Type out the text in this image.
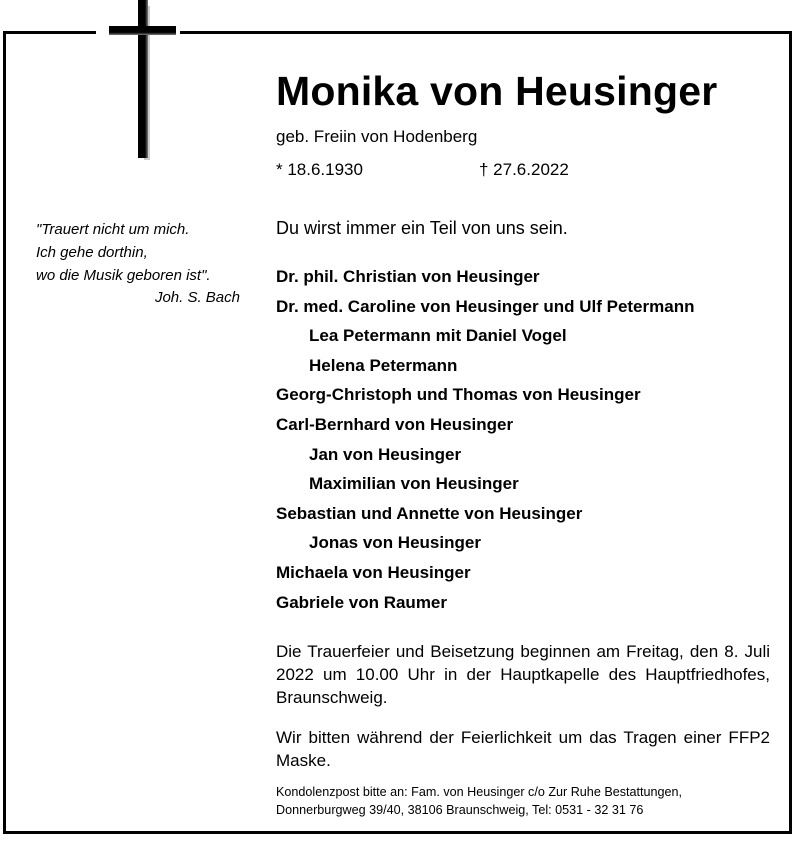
Monika von Heusinger
geb. Freiin von Hodenberg
* 18.6.1930	† 27.6.2022
"Trauert nicht um mich.
Ich gehe dorthin,
wo die Musik geboren ist".
Joh. S. Bach
Du wirst immer ein Teil von uns sein.
Dr. phil. Christian von Heusinger
Dr. med. Caroline von Heusinger und Ulf Petermann
Lea Petermann mit Daniel Vogel
Helena Petermann
Georg-Christoph und Thomas von Heusinger
Carl-Bernhard von Heusinger
Jan von Heusinger
Maximilian von Heusinger
Sebastian und Annette von Heusinger
Jonas von Heusinger
Michaela von Heusinger
Gabriele von Raumer
Die Trauerfeier und Beisetzung beginnen am Freitag, den 8. Juli 2022 um 10.00 Uhr in der Hauptkapelle des Hauptfriedhofes, Braunschweig.
Wir bitten während der Feierlichkeit um das Tragen einer FFP2 Maske.
Kondolenzpost bitte an: Fam. von Heusinger c/o Zur Ruhe Bestattungen,
Donnerburgweg 39/40, 38106 Braunschweig, Tel: 0531 - 32 31 76
